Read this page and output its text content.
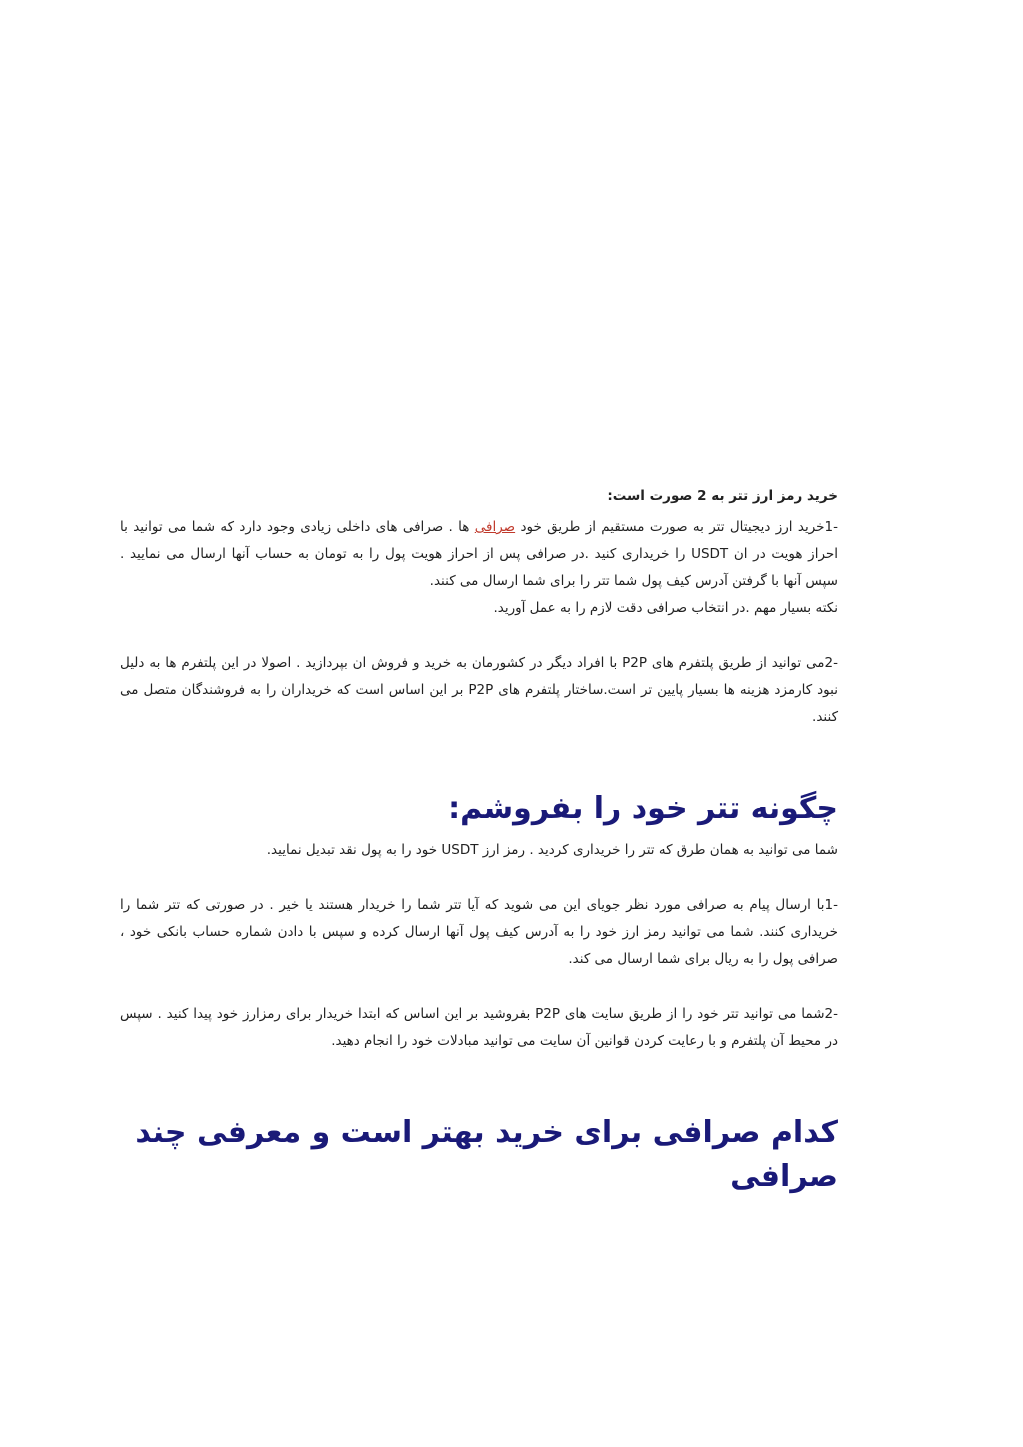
خرید رمز ارز تتر به 2 صورت است:

-1خرید ارز دیجیتال تتر به صورت مستقیم از طریق خود صرافی ها . صرافی های داخلی زیادی وجود دارد که شما می توانید با احراز هویت در ان USDT را خریداری کنید .در صرافی پس از احراز هویت پول را به تومان به حساب آنها ارسال می نمایید . سپس آنها با گرفتن آدرس کیف پول شما تتر را برای شما ارسال می کنند.

نکته بسیار مهم .در انتخاب صرافی دقت لازم را به عمل آورید.

-2می توانید از طریق پلتفرم های P2P با افراد دیگر در کشورمان به خرید و فروش ان بپردازید . اصولا در این پلتفرم ها به دلیل نبود کارمزد هزینه ها بسیار پایین تر است.ساختار پلتفرم های P2P بر این اساس است که خریداران را به فروشندگان متصل می کنند.

چگونه تتر خود را بفروشم:

شما می توانید به همان طرق که تتر را خریداری کردید . رمز ارز USDT خود را به پول نقد تبدیل نمایید.

-1با ارسال پیام به صرافی مورد نظر جویای این می شوید که آیا تتر شما را خریدار هستند یا خیر . در صورتی که تتر شما را خریداری کنند. شما می توانید رمز ارز خود را به آدرس کیف پول آنها ارسال کرده و سپس با دادن شماره حساب بانکی خود ، صرافی پول را به ریال برای شما ارسال می کند.

-2شما می توانید تتر خود را از طریق سایت های P2P بفروشید بر این اساس که ابتدا خریدار برای رمزارز خود پیدا کنید . سپس در محیط آن پلتفرم و با رعایت کردن قوانین آن سایت می توانید مبادلات خود را انجام دهید.

کدام صرافی برای خرید بهتر است و معرفی چند صرافی
